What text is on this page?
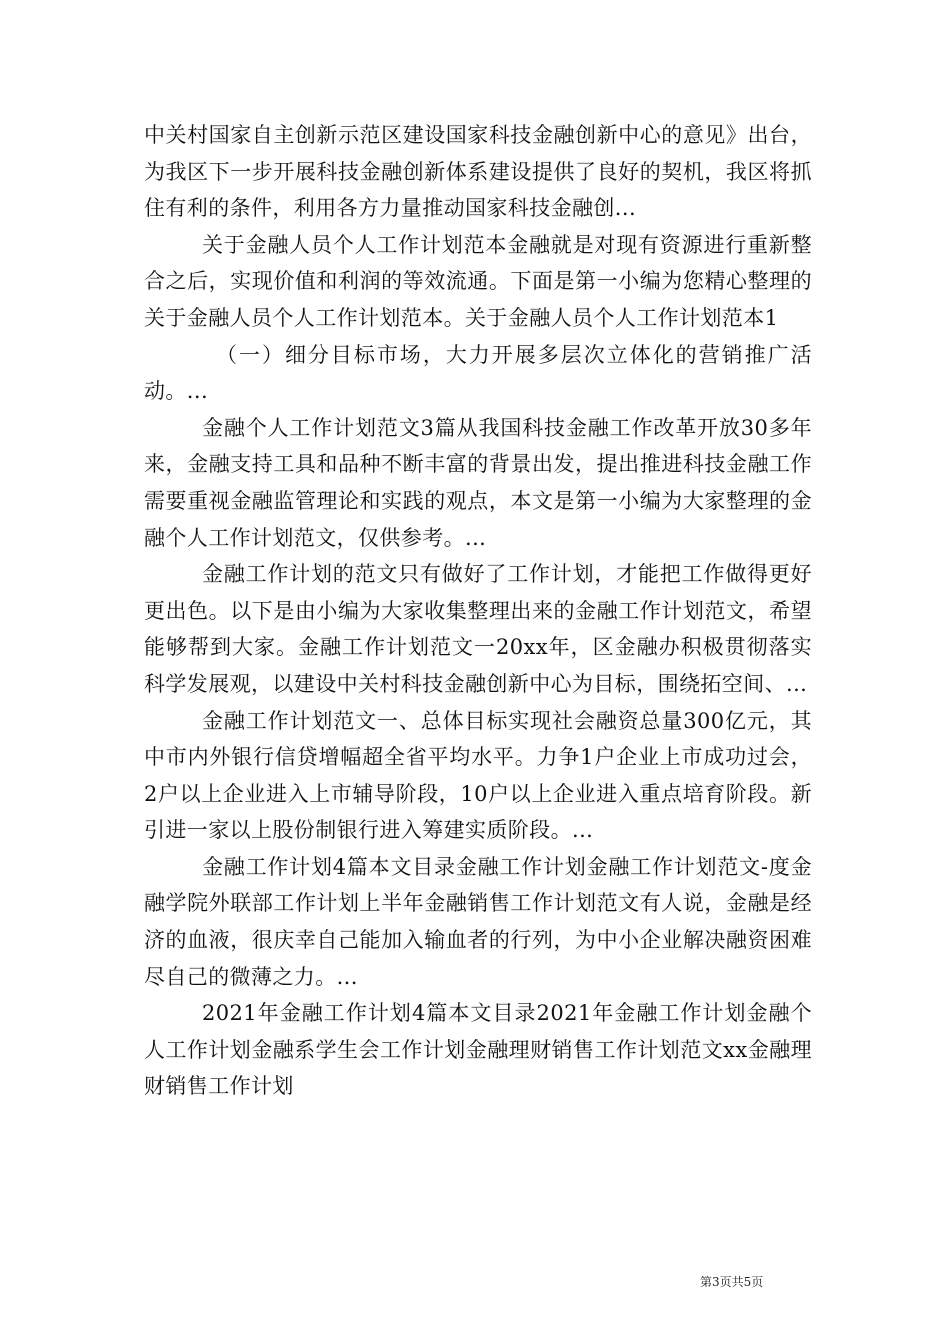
中关村国家自主创新示范区建设国家科技金融创新中心的意见》出台，为我区下一步开展科技金融创新体系建设提供了良好的契机，我区将抓住有利的条件，利用各方力量推动国家科技金融创...

关于金融人员个人工作计划范本金融就是对现有资源进行重新整合之后，实现价值和利润的等效流通。下面是第一小编为您精心整理的关于金融人员个人工作计划范本。关于金融人员个人工作计划范本1

（一）细分目标市场，大力开展多层次立体化的营销推广活动。...

金融个人工作计划范文3篇从我国科技金融工作改革开放30多年来，金融支持工具和品种不断丰富的背景出发，提出推进科技金融工作需要重视金融监管理论和实践的观点，本文是第一小编为大家整理的金融个人工作计划范文，仅供参考。...

金融工作计划的范文只有做好了工作计划，才能把工作做得更好更出色。以下是由小编为大家收集整理出来的金融工作计划范文，希望能够帮到大家。金融工作计划范文一20xx年，区金融办积极贯彻落实科学发展观，以建设中关村科技金融创新中心为目标，围绕拓空间、...

金融工作计划范文一、总体目标实现社会融资总量300亿元，其中市内外银行信贷增幅超全省平均水平。力争1户企业上市成功过会，2户以上企业进入上市辅导阶段，10户以上企业进入重点培育阶段。新引进一家以上股份制银行进入筹建实质阶段。...

金融工作计划4篇本文目录金融工作计划金融工作计划范文-度金融学院外联部工作计划上半年金融销售工作计划范文有人说，金融是经济的血液，很庆幸自己能加入输血者的行列，为中小企业解决融资困难尽自己的微薄之力。...

2021年金融工作计划4篇本文目录2021年金融工作计划金融个人工作计划金融系学生会工作计划金融理财销售工作计划范文xx金融理财销售工作计划

第3页共5页
